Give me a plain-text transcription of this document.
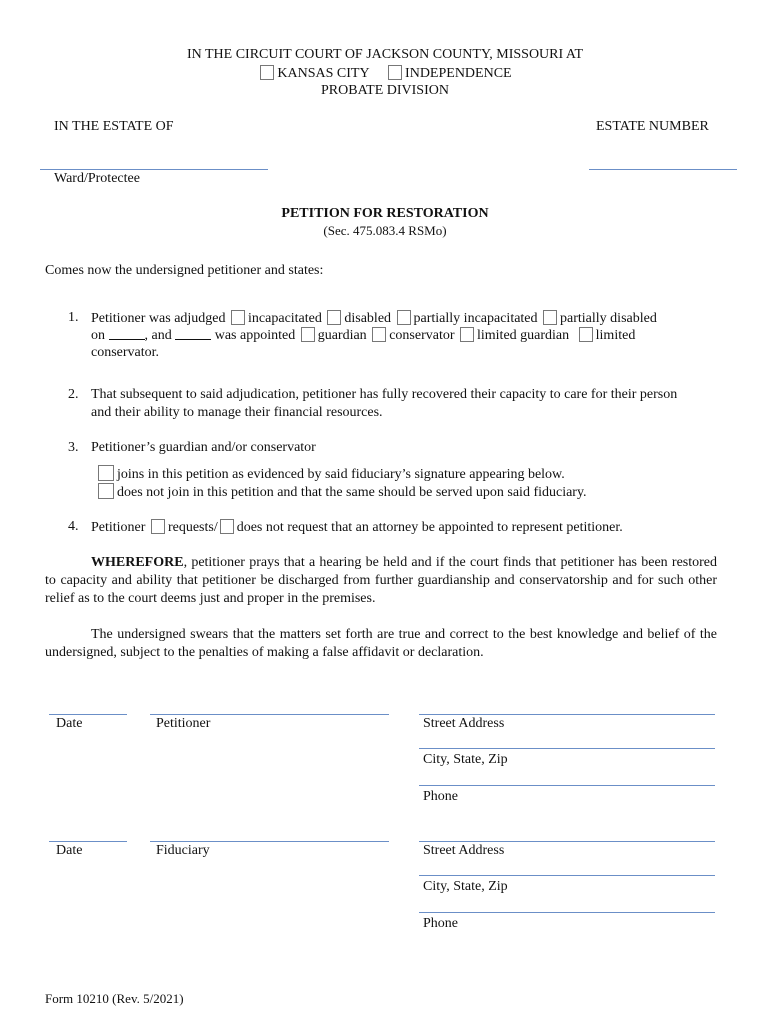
IN THE CIRCUIT COURT OF JACKSON COUNTY, MISSOURI AT
KANSAS CITY	INDEPENDENCE
PROBATE DIVISION
IN THE ESTATE OF	ESTATE NUMBER
Ward/Protectee
PETITION FOR RESTORATION
(Sec. 475.083.4 RSMo)
Comes now the undersigned petitioner and states:
1. Petitioner was adjudged incapacitated disabled partially incapacitated partially disabled
on	, and	was appointed guardian conservator limited guardian limited
conservator.
2. That subsequent to said adjudication, petitioner has fully recovered their capacity to care for their person
and their ability to manage their financial resources.
3. Petitioner’s guardian and/or conservator
joins in this petition as evidenced by said fiduciary’s signature appearing below.
does not join in this petition and that the same should be served upon said fiduciary.
4. Petitioner requests/ does not request that an attorney be appointed to represent petitioner.
WHEREFORE, petitioner prays that a hearing be held and if the court finds that petitioner has been restored to capacity and ability that petitioner be discharged from further guardianship and conservatorship and for such other relief as to the court deems just and proper in the premises.
The undersigned swears that the matters set forth are true and correct to the best knowledge and belief of the undersigned, subject to the penalties of making a false affidavit or declaration.
Date	Petitioner	Street Address
City, State, Zip
Phone
Date	Fiduciary	Street Address
City, State, Zip
Phone
Form 10210 (Rev. 5/2021)
